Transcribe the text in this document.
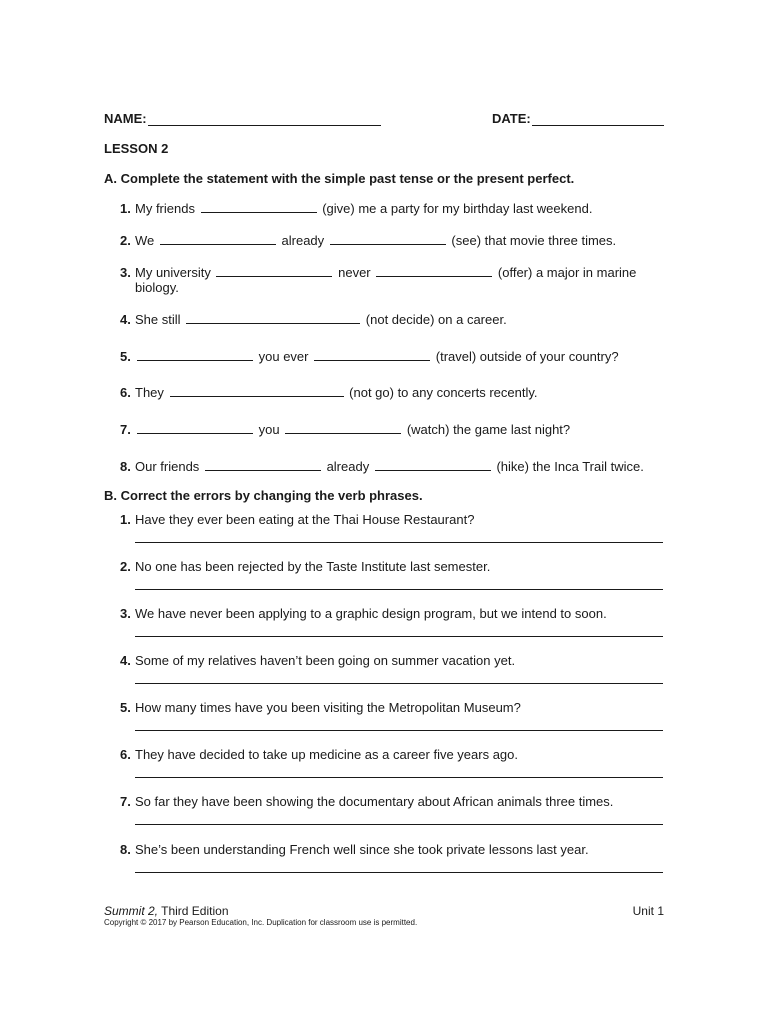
NAME:	DATE:
LESSON 2
A. Complete the statement with the simple past tense or the present perfect.
1. My friends	(give) me a party for my birthday last weekend.
2. We	already	(see) that movie three times.
3. My university	never	(offer) a major in marine
biology.
4. She still	(not decide) on a career.
5.	you ever	(travel) outside of your country?
6. They	(not go) to any concerts recently.
7.	you	(watch) the game last night?
8. Our friends	already	(hike) the Inca Trail twice.
B. Correct the errors by changing the verb phrases.
1. Have they ever been eating at the Thai House Restaurant?
2. No one has been rejected by the Taste Institute last semester.
3. We have never been applying to a graphic design program, but we intend to soon.
4. Some of my relatives haven’t been going on summer vacation yet.
5. How many times have you been visiting the Metropolitan Museum?
6. They have decided to take up medicine as a career five years ago.
7. So far they have been showing the documentary about African animals three times.
8. She’s been understanding French well since she took private lessons last year.
Summit 2, Third Edition	Unit 1
Copyright © 2017 by Pearson Education, Inc. Duplication for classroom use is permitted.
